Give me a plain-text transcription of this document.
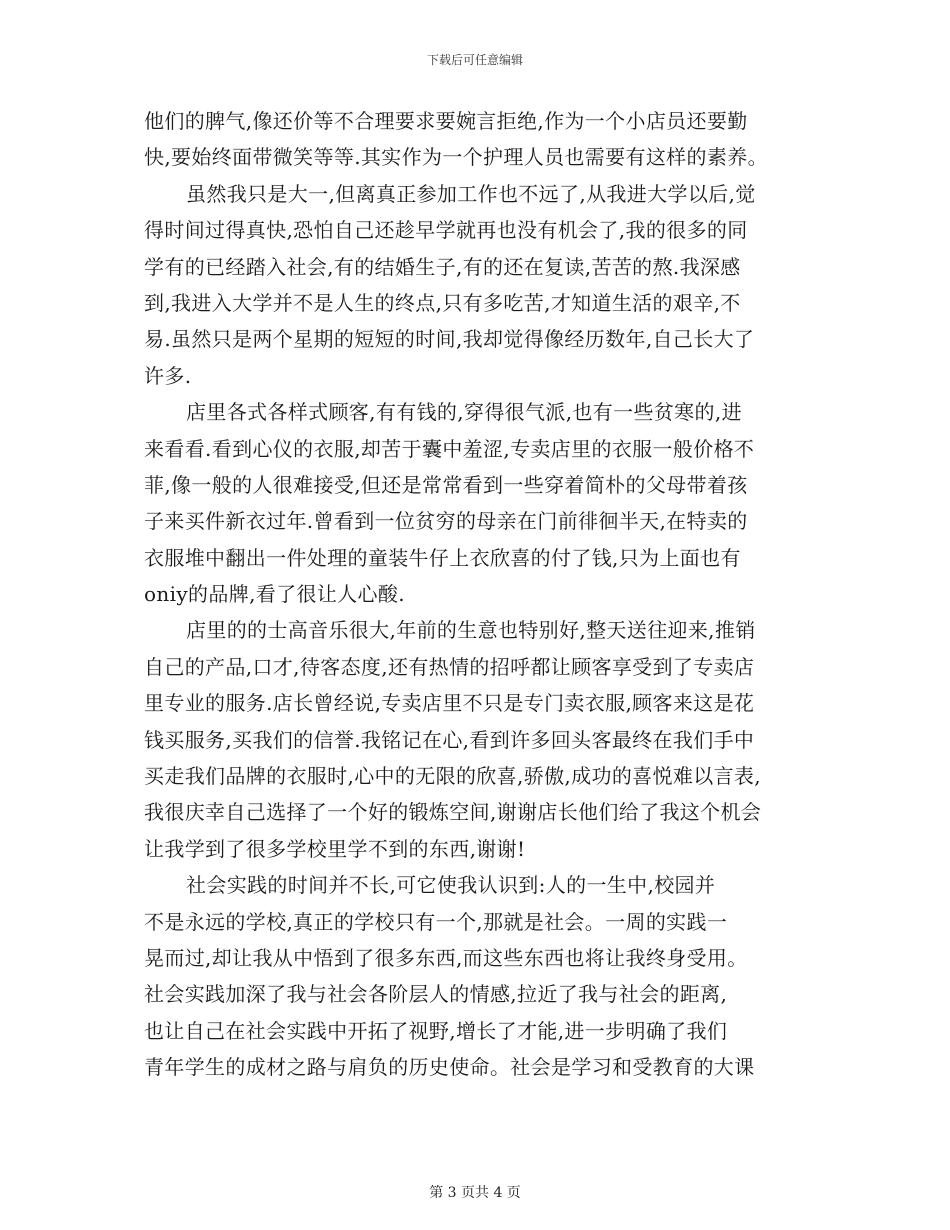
下载后可任意编辑
他们的脾气,像还价等不合理要求要婉言拒绝,作为一个小店员还要勤
快,要始终面带微笑等等.其实作为一个护理人员也需要有这样的素养。
虽然我只是大一,但离真正参加工作也不远了,从我进大学以后,觉
得时间过得真快,恐怕自己还趁早学就再也没有机会了,我的很多的同
学有的已经踏入社会,有的结婚生子,有的还在复读,苦苦的熬.我深感
到,我进入大学并不是人生的终点,只有多吃苦,才知道生活的艰辛,不
易.虽然只是两个星期的短短的时间,我却觉得像经历数年,自己长大了
许多.
店里各式各样式顾客,有有钱的,穿得很气派,也有一些贫寒的,进
来看看.看到心仪的衣服,却苦于囊中羞涩,专卖店里的衣服一般价格不
菲,像一般的人很难接受,但还是常常看到一些穿着简朴的父母带着孩
子来买件新衣过年.曾看到一位贫穷的母亲在门前徘徊半天,在特卖的
衣服堆中翻出一件处理的童装牛仔上衣欣喜的付了钱,只为上面也有
oniy的品牌,看了很让人心酸.
店里的的士高音乐很大,年前的生意也特别好,整天送往迎来,推销
自己的产品,口才,待客态度,还有热情的招呼都让顾客享受到了专卖店
里专业的服务.店长曾经说,专卖店里不只是专门卖衣服,顾客来这是花
钱买服务,买我们的信誉.我铭记在心,看到许多回头客最终在我们手中
买走我们品牌的衣服时,心中的无限的欣喜,骄傲,成功的喜悦难以言表,
我很庆幸自己选择了一个好的锻炼空间,谢谢店长他们给了我这个机会
让我学到了很多学校里学不到的东西,谢谢!
社会实践的时间并不长,可它使我认识到:人的一生中,校园并
不是永远的学校,真正的学校只有一个,那就是社会。一周的实践一
晃而过,却让我从中悟到了很多东西,而这些东西也将让我终身受用。
社会实践加深了我与社会各阶层人的情感,拉近了我与社会的距离,
也让自己在社会实践中开拓了视野,增长了才能,进一步明确了我们
青年学生的成材之路与肩负的历史使命。社会是学习和受教育的大课
第 3 页共 4 页
